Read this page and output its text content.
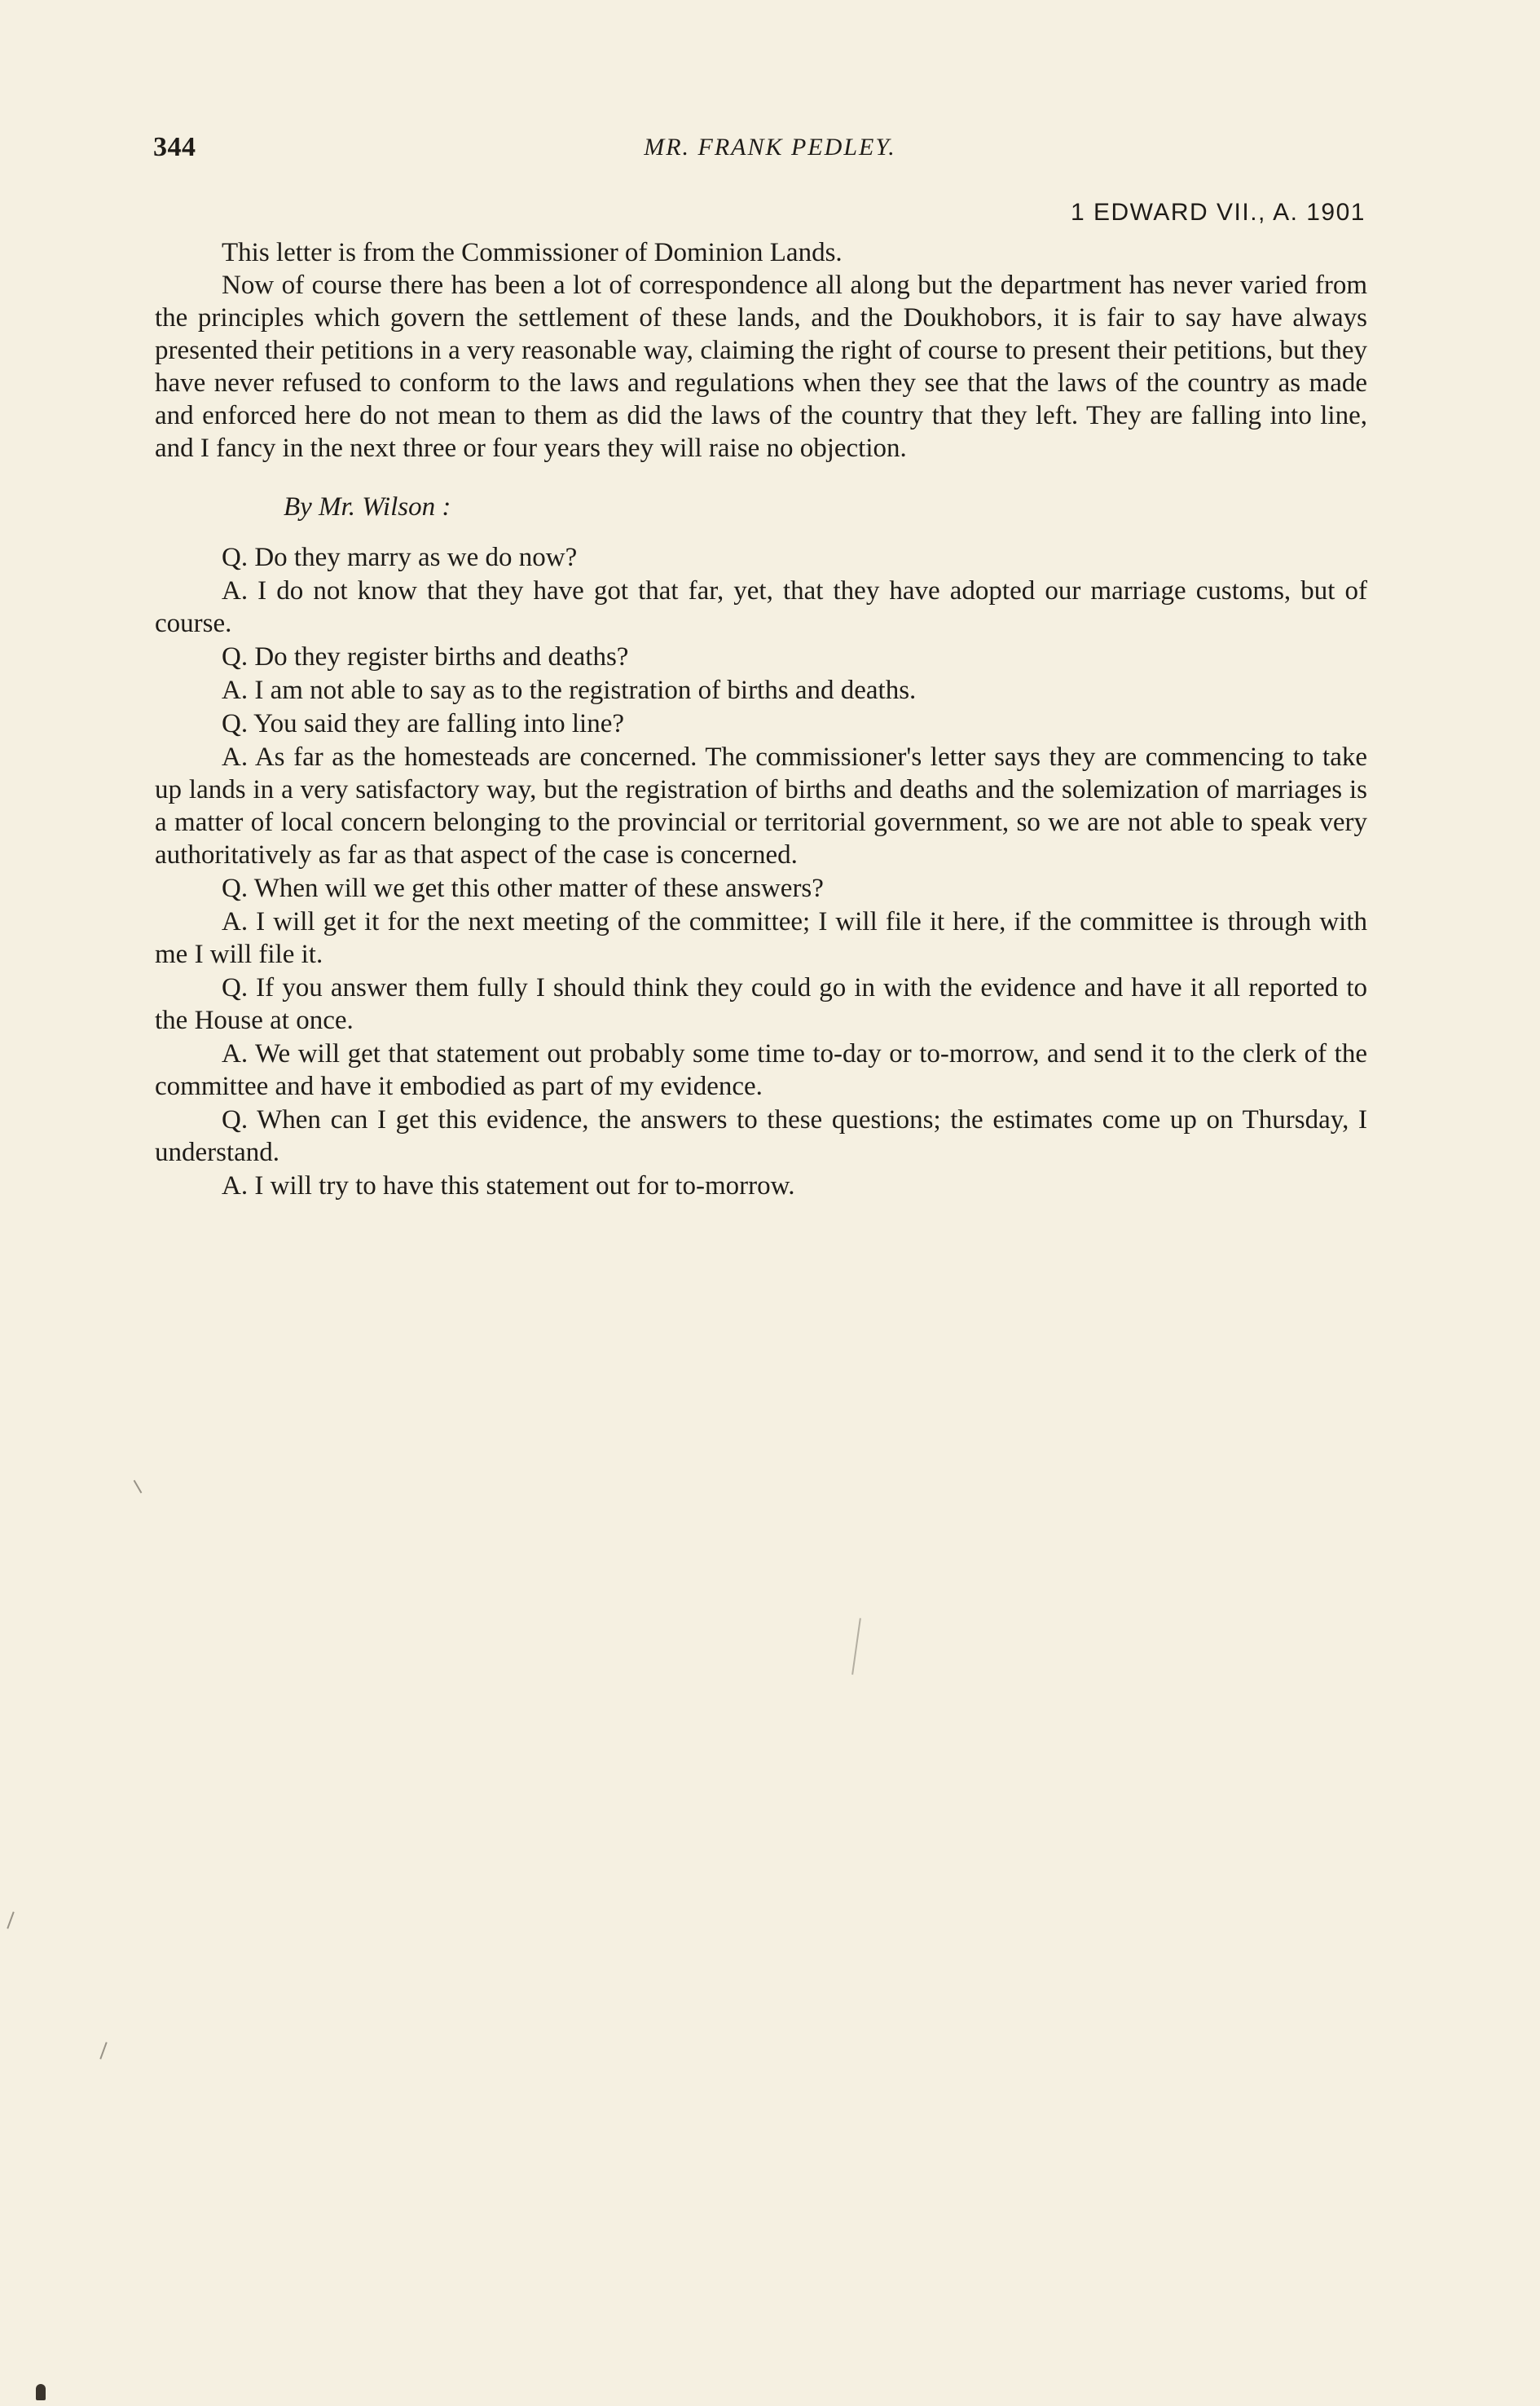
344	MR. FRANK PEDLEY.
1 EDWARD VII., A. 1901

This letter is from the Commissioner of Dominion Lands.

Now of course there has been a lot of correspondence all along but the department has never varied from the principles which govern the settlement of these lands, and the Doukhobors, it is fair to say have always presented their petitions in a very reasonable way, claiming the right of course to present their petitions, but they have never refused to conform to the laws and regulations when they see that the laws of the country as made and enforced here do not mean to them as did the laws of the country that they left. They are falling into line, and I fancy in the next three or four years they will raise no objection.

By Mr. Wilson :

Q. Do they marry as we do now?

A. I do not know that they have got that far, yet, that they have adopted our marriage customs, but of course.

Q. Do they register births and deaths?

A. I am not able to say as to the registration of births and deaths.

Q. You said they are falling into line?

A. As far as the homesteads are concerned. The commissioner's letter says they are commencing to take up lands in a very satisfactory way, but the registration of births and deaths and the solemization of marriages is a matter of local concern belonging to the provincial or territorial government, so we are not able to speak very authoritatively as far as that aspect of the case is concerned.

Q. When will we get this other matter of these answers?

A. I will get it for the next meeting of the committee; I will file it here, if the committee is through with me I will file it.

Q. If you answer them fully I should think they could go in with the evidence and have it all reported to the House at once.

A. We will get that statement out probably some time to-day or to-morrow, and send it to the clerk of the committee and have it embodied as part of my evidence.

Q. When can I get this evidence, the answers to these questions; the estimates come up on Thursday, I understand.

A. I will try to have this statement out for to-morrow.
